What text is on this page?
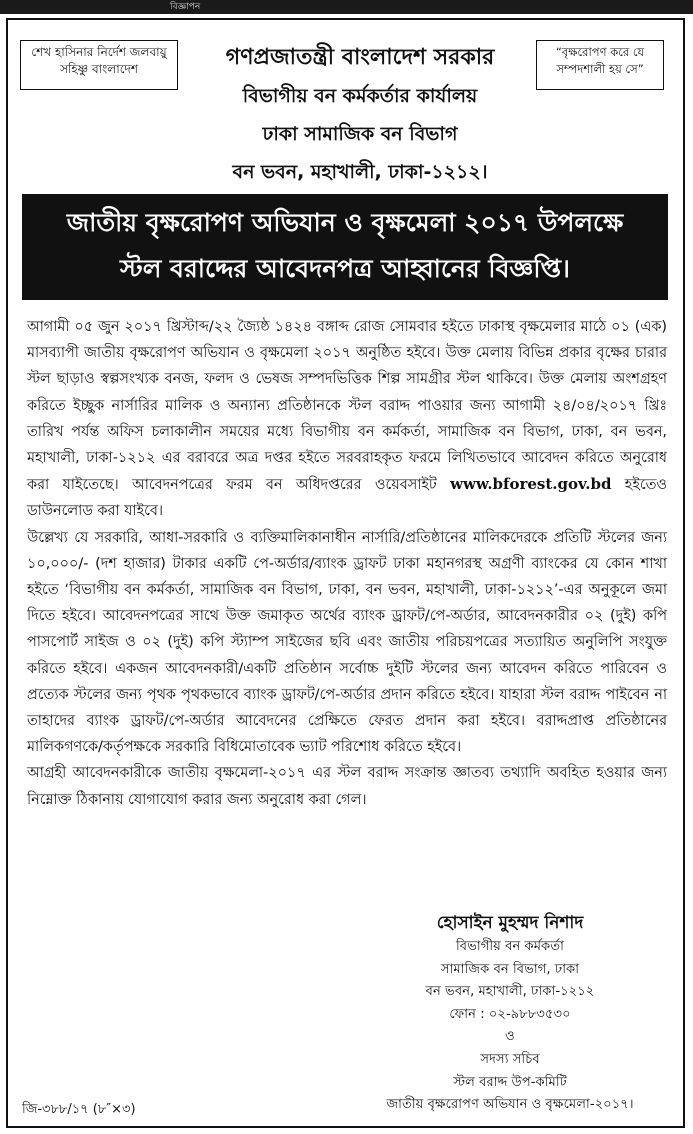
বিজ্ঞাপন
শেখ হাসিনার নির্দেশ জলবায়ু সহিষ্ণু বাংলাদেশ
“বৃক্ষরোপণ করে যে সম্পদশালী হয় সে”
গণপ্রজাতন্ত্রী বাংলাদেশ সরকার
বিভাগীয় বন কর্মকর্তার কার্যালয়
ঢাকা সামাজিক বন বিভাগ
বন ভবন, মহাখালী, ঢাকা-১২১২।
জাতীয় বৃক্ষরোপণ অভিযান ও বৃক্ষমেলা ২০১৭ উপলক্ষে
স্টল বরাদ্দের আবেদনপত্র আহ্বানের বিজ্ঞপ্তি।

আগামী ০৫ জুন ২০১৭ খ্রিস্টাব্দ/২২ জ্যৈষ্ঠ ১৪২৪ বঙ্গাব্দ রোজ সোমবার হইতে ঢাকাস্থ বৃক্ষমেলার মাঠে ০১ (এক) মাসব্যাপী জাতীয় বৃক্ষরোপণ অভিযান ও বৃক্ষমেলা ২০১৭ অনুষ্ঠিত হইবে। উক্ত মেলায় বিভিন্ন প্রকার বৃক্ষের চারার স্টল ছাড়াও স্বল্পসংখ্যক বনজ, ফলদ ও ভেষজ সম্পদভিত্তিক শিল্প সামগ্রীর স্টল থাকিবে। উক্ত মেলায় অংশগ্রহণ করিতে ইচ্ছুক নার্সারির মালিক ও অন্যান্য প্রতিষ্ঠানকে স্টল বরাদ্দ পাওয়ার জন্য আগামী ২৪/০৪/২০১৭ খ্রিঃ তারিখ পর্যন্ত অফিস চলাকালীন সময়ের মধ্যে বিভাগীয় বন কর্মকর্তা, সামাজিক বন বিভাগ, ঢাকা, বন ভবন, মহাখালী, ঢাকা-১২১২ এর বরাবরে অত্র দপ্তর হইতে সরবরাহকৃত ফরমে লিখিতভাবে আবেদন করিতে অনুরোধ করা যাইতেছে। আবেদনপত্রের ফরম বন অধিদপ্তরের ওয়েবসাইট www.bforest.gov.bd হইতেও ডাউনলোড করা যাইবে।

উল্লেখ্য যে সরকারি, আধা-সরকারি ও ব্যক্তিমালিকানাধীন নার্সারি/প্রতিষ্ঠানের মালিকদেরকে প্রতিটি স্টলের জন্য ১০,০০০/- (দশ হাজার) টাকার একটি পে-অর্ডার/ব্যাংক ড্রাফট ঢাকা মহানগরস্থ অগ্রণী ব্যাংকের যে কোন শাখা হইতে ‘বিভাগীয় বন কর্মকর্তা, সামাজিক বন বিভাগ, ঢাকা, বন ভবন, মহাখালী, ঢাকা-১২১২’-এর অনুকূলে জমা দিতে হইবে। আবেদনপত্রের সাথে উক্ত জমাকৃত অর্থের ব্যাংক ড্রাফট/পে-অর্ডার, আবেদনকারীর ০২ (দুই) কপি পাসপোর্ট সাইজ ও ০২ (দুই) কপি স্ট্যাম্প সাইজের ছবি এবং জাতীয় পরিচয়পত্রের সত্যায়িত অনুলিপি সংযুক্ত করিতে হইবে। একজন আবেদনকারী/একটি প্রতিষ্ঠান সর্বোচ্চ দুইটি স্টলের জন্য আবেদন করিতে পারিবেন ও প্রত্যেক স্টলের জন্য পৃথক পৃথকভাবে ব্যাংক ড্রাফট/পে-অর্ডার প্রদান করিতে হইবে। যাহারা স্টল বরাদ্দ পাইবেন না তাহাদের ব্যাংক ড্রাফট/পে-অর্ডার আবেদনের প্রেক্ষিতে ফেরত প্রদান করা হইবে। বরাদ্দপ্রাপ্ত প্রতিষ্ঠানের মালিকগণকে/কর্তৃপক্ষকে সরকারি বিধিমোতাবেক ভ্যাট পরিশোধ করিতে হইবে।

আগ্রহী আবেদনকারীকে জাতীয় বৃক্ষমেলা-২০১৭ এর স্টল বরাদ্দ সংক্রান্ত জ্ঞাতব্য তথ্যাদি অবহিত হওয়ার জন্য নিম্নোক্ত ঠিকানায় যোগাযোগ করার জন্য অনুরোধ করা গেল।

হোসাইন মুহম্মদ নিশাদ
বিভাগীয় বন কর্মকর্তা
সামাজিক বন বিভাগ, ঢাকা
বন ভবন, মহাখালী, ঢাকা-১২১২
ফোন : ০২-৯৮৮৩৫৩০
ও
সদস্য সচিব
স্টল বরাদ্দ উপ-কমিটি
জাতীয় বৃক্ষরোপণ অভিযান ও বৃক্ষমেলা-২০১৭।
জি-৩৮৮/১৭ (৮″×৩)
